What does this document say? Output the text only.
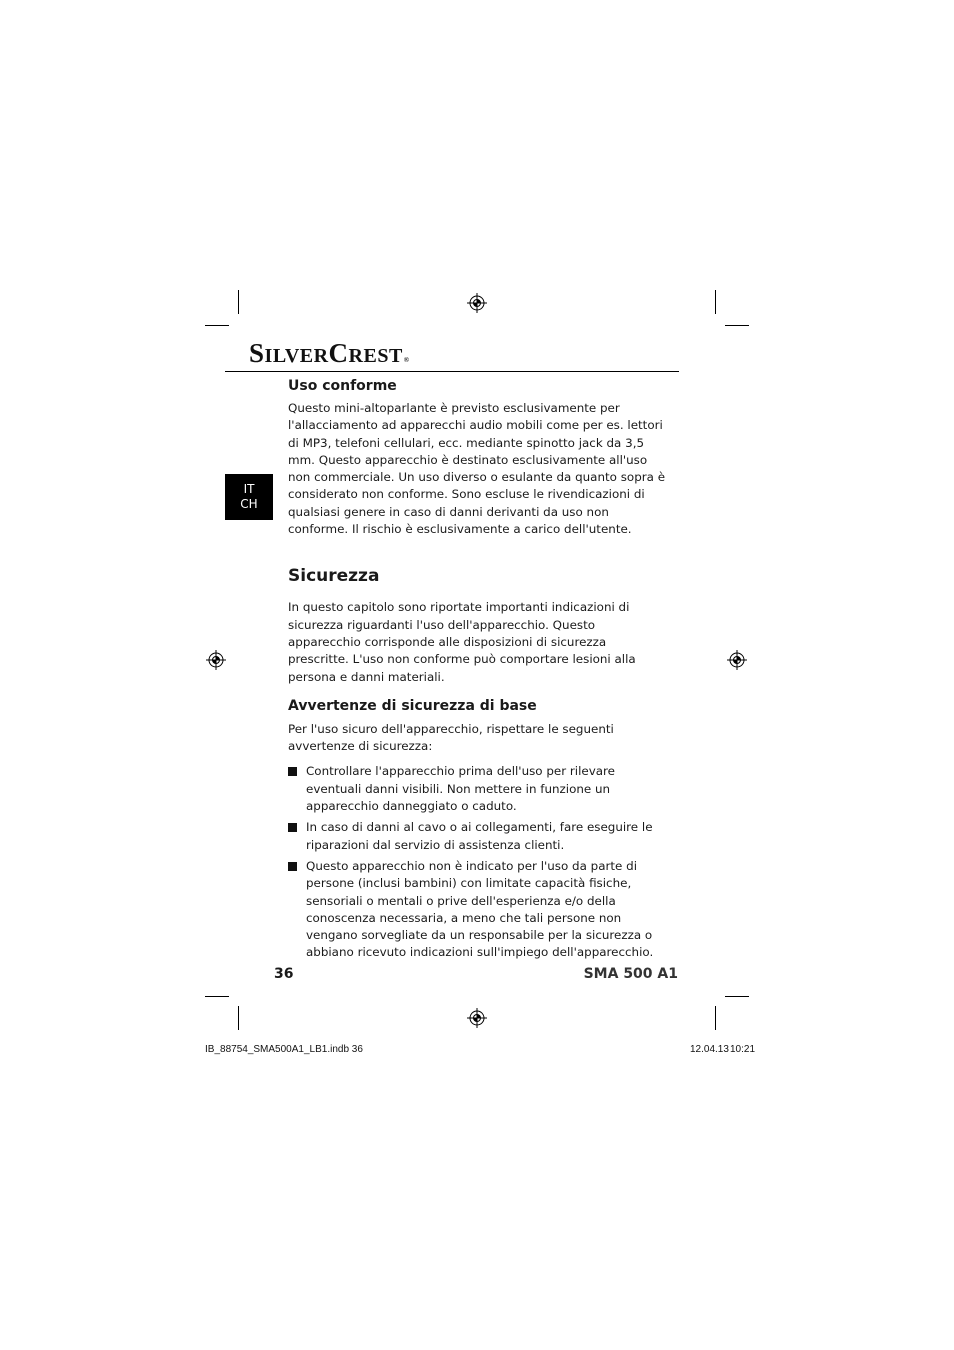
S ILVER C REST ®
IT
CH
Uso conforme

Questo mini-altoparlante è previsto esclusivamente per l'allacciamento ad apparecchi audio mobili come per es. lettori di MP3, telefoni cellulari, ecc. mediante spinotto jack da 3,5 mm. Questo apparecchio è destinato esclusivamente all'uso non commerciale. Un uso diverso o esulante da quanto sopra è considerato non conforme. Sono escluse le rivendicazioni di qualsiasi genere in caso di danni derivanti da uso non conforme. Il rischio è esclusivamente a carico dell'utente.

Sicurezza

In questo capitolo sono riportate importanti indicazioni di sicurezza riguardanti l'uso dell'apparecchio. Questo apparecchio corrisponde alle disposizioni di sicurezza prescritte. L'uso non conforme può comportare lesioni alla persona e danni materiali.

Avvertenze di sicurezza di base

Per l'uso sicuro dell'apparecchio, rispettare le seguenti avvertenze di sicurezza:

Controllare l'apparecchio prima dell'uso per rilevare eventuali danni visibili. Non mettere in funzione un apparecchio danneggiato o caduto.
In caso di danni al cavo o ai collegamenti, fare eseguire le riparazioni dal servizio di assistenza clienti.
Questo apparecchio non è indicato per l'uso da parte di persone (inclusi bambini) con limitate capacità fisiche, sensoriali o mentali o prive dell'esperienza e/o della conoscenza necessaria, a meno che tali persone non vengano sorvegliate da un responsabile per la sicurezza o abbiano ricevuto indicazioni sull'impiego dell'apparecchio.
36	SMA 500 A1
IB_88754_SMA500A1_LB1.indb 36	12.04.13 10:21
